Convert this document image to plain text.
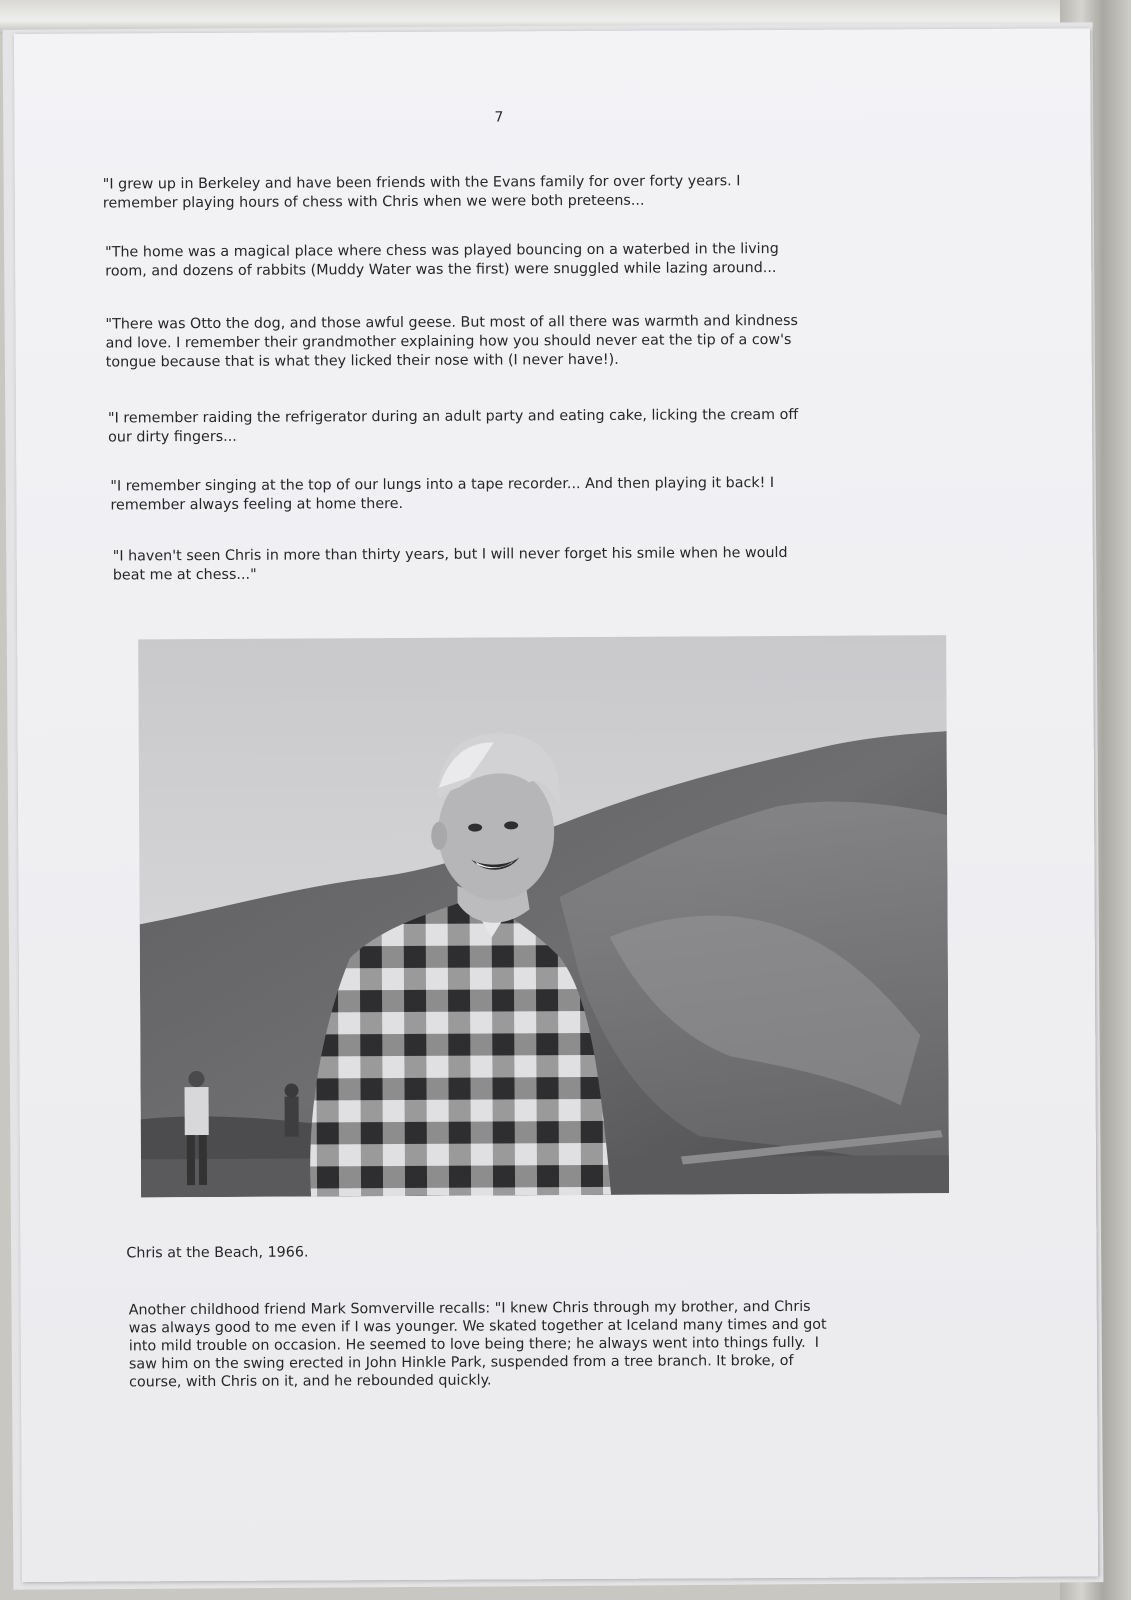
7

"I grew up in Berkeley and have been friends with the Evans family for over forty years. I
remember playing hours of chess with Chris when we were both preteens...

"The home was a magical place where chess was played bouncing on a waterbed in the living
room, and dozens of rabbits (Muddy Water was the first) were snuggled while lazing around...

"There was Otto the dog, and those awful geese. But most of all there was warmth and kindness
and love. I remember their grandmother explaining how you should never eat the tip of a cow's
tongue because that is what they licked their nose with (I never have!).

"I remember raiding the refrigerator during an adult party and eating cake, licking the cream off
our dirty fingers...

"I remember singing at the top of our lungs into a tape recorder... And then playing it back! I
remember always feeling at home there.

"I haven't seen Chris in more than thirty years, but I will never forget his smile when he would
beat me at chess..."

Chris at the Beach, 1966.

Another childhood friend Mark Somverville recalls: "I knew Chris through my brother, and Chris
was always good to me even if I was younger. We skated together at Iceland many times and got
into mild trouble on occasion. He seemed to love being there; he always went into things fully.  I
saw him on the swing erected in John Hinkle Park, suspended from a tree branch. It broke, of
course, with Chris on it, and he rebounded quickly.
